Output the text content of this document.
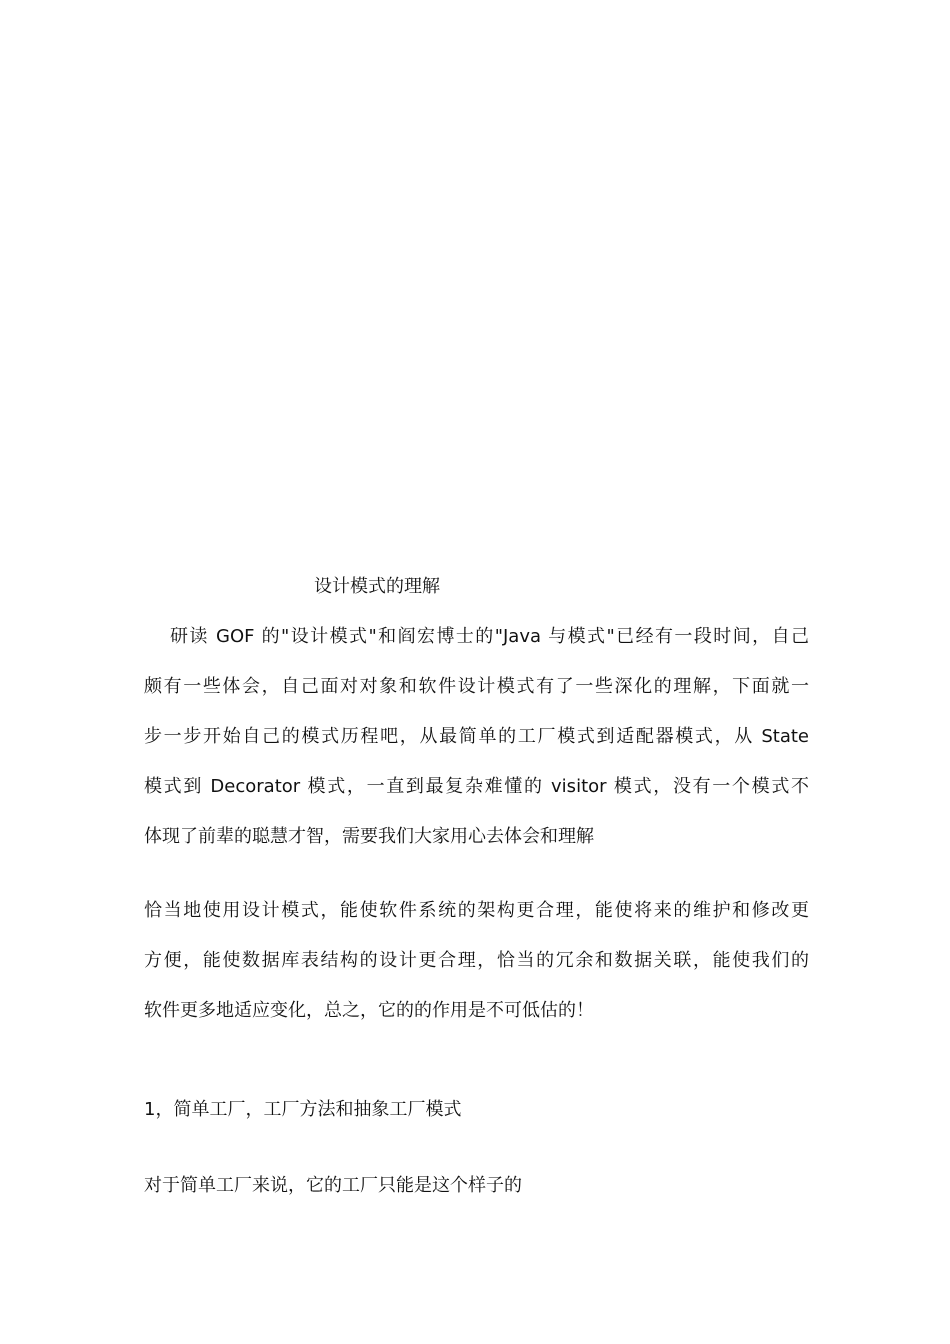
设计模式的理解
研读 GOF 的"设计模式"和阎宏博士的"Java 与模式"已经有一段时间，自己
颇有一些体会，自己面对对象和软件设计模式有了一些深化的理解，下面就一
步一步开始自己的模式历程吧，从最简单的工厂模式到适配器模式，从 State
模式到 Decorator 模式，一直到最复杂难懂的 visitor 模式，没有一个模式不
体现了前辈的聪慧才智，需要我们大家用心去体会和理解
恰当地使用设计模式，能使软件系统的架构更合理，能使将来的维护和修改更
方便，能使数据库表结构的设计更合理，恰当的冗余和数据关联，能使我们的
软件更多地适应变化，总之，它的的作用是不可低估的！
1，简单工厂，工厂方法和抽象工厂模式
对于简单工厂来说，它的工厂只能是这个样子的
